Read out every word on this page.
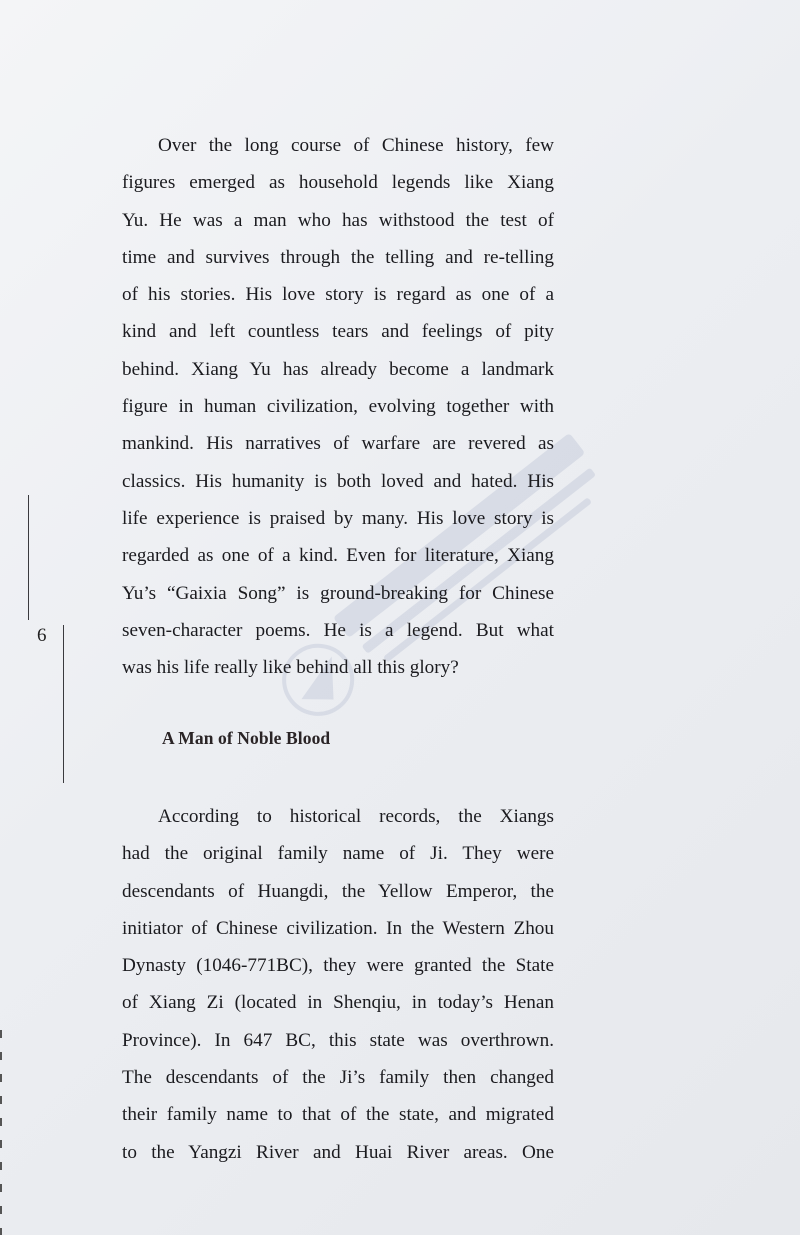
6
Over the long course of Chinese history, few
figures emerged as household legends like Xiang
Yu. He was a man who has withstood the test of
time and survives through the telling and re-telling
of his stories. His love story is regard as one of a
kind and left countless tears and feelings of pity
behind. Xiang Yu has already become a landmark
figure in human civilization, evolving together with
mankind. His narratives of warfare are revered as
classics. His humanity is both loved and hated. His
life experience is praised by many. His love story is
regarded as one of a kind. Even for literature, Xiang
Yu’s “Gaixia Song” is ground-breaking for Chinese
seven-character poems. He is a legend. But what
was his life really like behind all this glory?
A Man of Noble Blood
According to historical records, the Xiangs
had the original family name of Ji. They were
descendants of Huangdi, the Yellow Emperor, the
initiator of Chinese civilization. In the Western Zhou
Dynasty (1046-771BC), they were granted the State
of Xiang Zi (located in Shenqiu, in today’s Henan
Province). In 647 BC, this state was overthrown.
The descendants of the Ji’s family then changed
their family name to that of the state, and migrated
to the Yangzi River and Huai River areas. One
